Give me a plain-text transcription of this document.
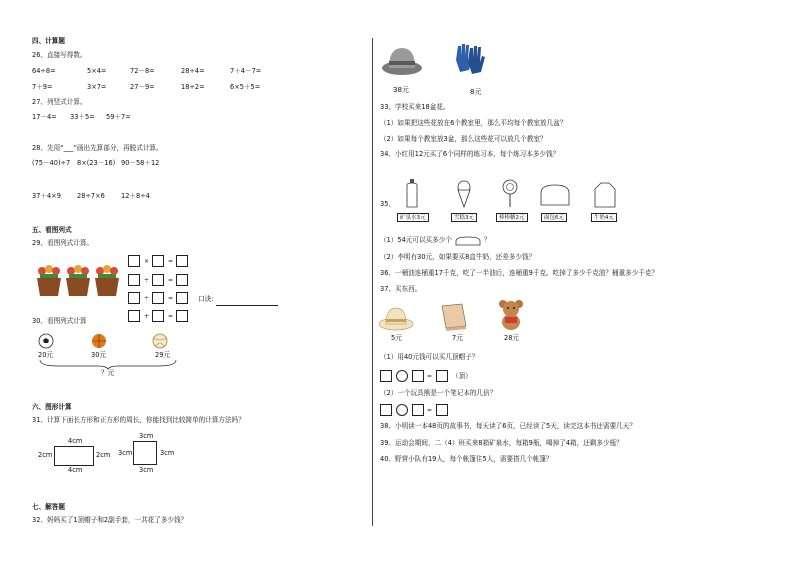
四、计算题
26、直接写得数。
64÷8=	5×4=	72－8=	28÷4=	7＋4－7=
7＋9=	3×7=	27－9=	18÷2=	6×5＋5=
27、列竖式计算。
17－4=	33＋5=	59＋7=
28、先用“___”画出先算部分，再脱式计算。
(75－40)÷7	8×(23－16) 90－58＋12
37＋4×9	28÷7×6	12＋8÷4
五、看图列式
29、看图列式计算。
×	=
÷	=
÷	=	口诀:
+	=
30、看图列式计算
20元	30元	29元
？元
六、图形计算
31、计算下面长方形和正方形的周长，你能找到比较简单的计算方法吗？
4cm
2cm	2cm
4cm
3cm
3cm	3cm
3cm
七、解答题
32、妈妈买了1顶帽子和2副手套，一共花了多少钱？
38元	8元
33、学校买来18盆花。
（1）如果把这些花放在6个教室里，那么平均每个教室放几盆？
（2）如果每个教室放3盆，那么这些花可以放几个教室？
34、小红用12元买了6个同样的练习本，每个练习本多少钱？
35、
矿泉水3元	雪糕3元	棒棒糖2元	面包6元	牛奶4元
（1）54元可以买多少个	？
（2）李明有30元，如果要买8盒牛奶，还差多少钱？
36、一桶油连桶重17千克，吃了一半油后，连桶重9千克。吃掉了多少千克油？桶重多少千克？
37、买东西。
5元	7元	28元
（1）用40元钱可以买几顶帽子？
=	（顶）
（2）一个玩具熊是一个笔记本的几倍？
=
38、小明读一本48页的故事书，每天读了6页，已经读了5天，读完这本书还需要几天？
39、运动会期间，二（4）班买来8箱矿泉水，每箱9瓶，喝掉了4箱，还剩多少瓶？
40、野营小队有19人，每个帐篷住5人，需要搭几个帐篷？
